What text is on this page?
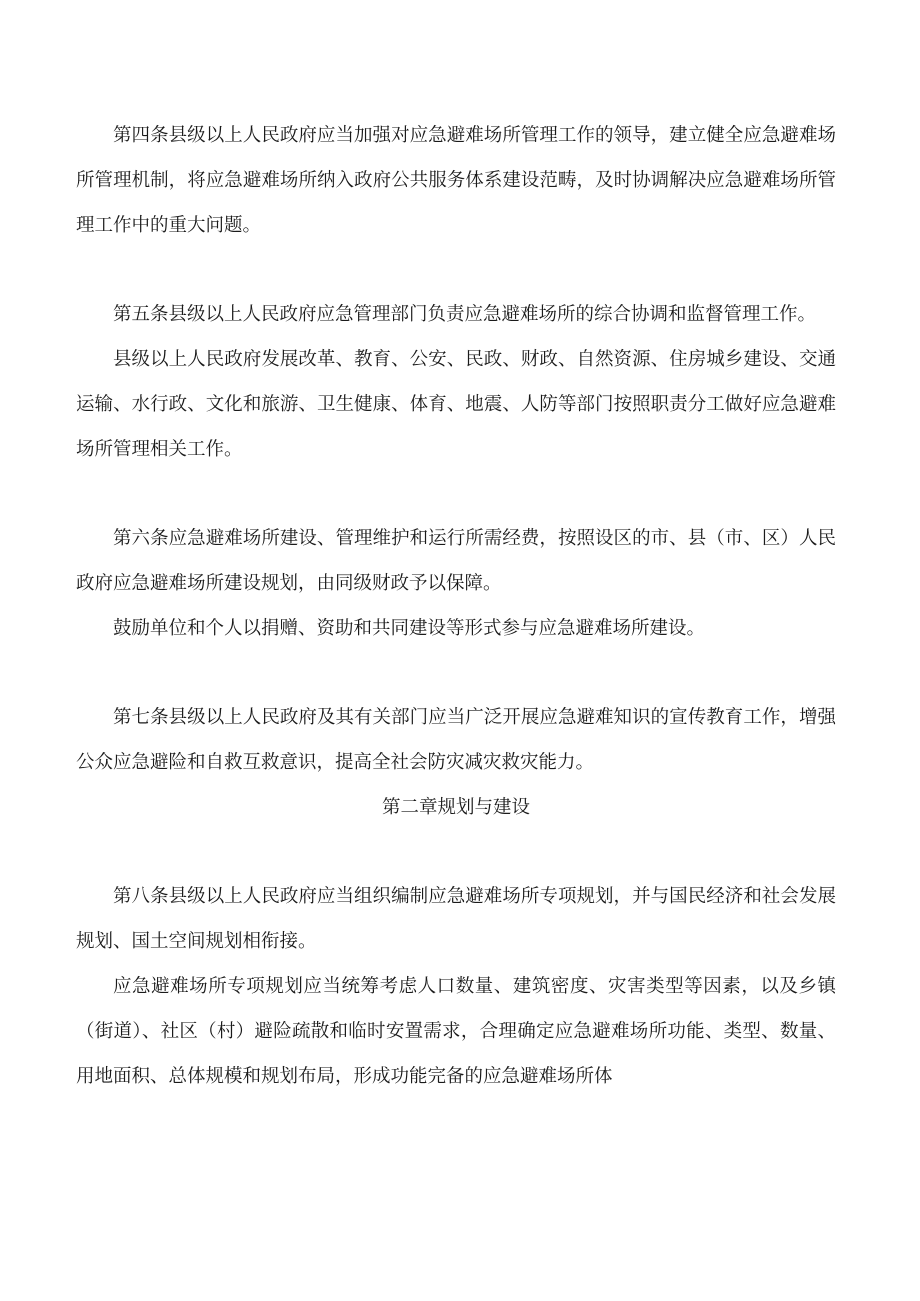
第四条县级以上人民政府应当加强对应急避难场所管理工作的领导，建立健全应急避难场所管理机制，将应急避难场所纳入政府公共服务体系建设范畴，及时协调解决应急避难场所管理工作中的重大问题。

第五条县级以上人民政府应急管理部门负责应急避难场所的综合协调和监督管理工作。

县级以上人民政府发展改革、教育、公安、民政、财政、自然资源、住房城乡建设、交通运输、水行政、文化和旅游、卫生健康、体育、地震、人防等部门按照职责分工做好应急避难场所管理相关工作。

第六条应急避难场所建设、管理维护和运行所需经费，按照设区的市、县（市、区）人民政府应急避难场所建设规划，由同级财政予以保障。

鼓励单位和个人以捐赠、资助和共同建设等形式参与应急避难场所建设。

第七条县级以上人民政府及其有关部门应当广泛开展应急避难知识的宣传教育工作，增强公众应急避险和自救互救意识，提高全社会防灾减灾救灾能力。

第二章规划与建设

第八条县级以上人民政府应当组织编制应急避难场所专项规划，并与国民经济和社会发展规划、国土空间规划相衔接。

应急避难场所专项规划应当统筹考虑人口数量、建筑密度、灾害类型等因素，以及乡镇（街道）、社区（村）避险疏散和临时安置需求，合理确定应急避难场所功能、类型、数量、用地面积、总体规模和规划布局，形成功能完备的应急避难场所体
